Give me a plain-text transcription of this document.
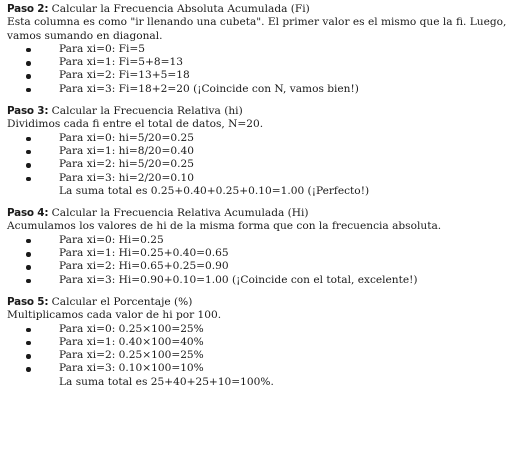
Paso 2: Calcular la Frecuencia Absoluta Acumulada (Fi)

Esta columna es como "ir llenando una cubeta". El primer valor es el mismo que la fi. Luego, vamos sumando en diagonal.

Para xi=0: Fi=5
Para xi=1: Fi=5+8=13
Para xi=2: Fi=13+5=18
Para xi=3: Fi=18+2=20 (¡Coincide con N, vamos bien!)

Paso 3: Calcular la Frecuencia Relativa (hi)

Dividimos cada fi entre el total de datos, N=20.

Para xi=0: hi=5/20=0.25
Para xi=1: hi=8/20=0.40
Para xi=2: hi=5/20=0.25
Para xi=3: hi=2/20=0.10

La suma total es 0.25+0.40+0.25+0.10=1.00 (¡Perfecto!)

Paso 4: Calcular la Frecuencia Relativa Acumulada (Hi)

Acumulamos los valores de hi de la misma forma que con la frecuencia absoluta.

Para xi=0: Hi=0.25
Para xi=1: Hi=0.25+0.40=0.65
Para xi=2: Hi=0.65+0.25=0.90
Para xi=3: Hi=0.90+0.10=1.00 (¡Coincide con el total, excelente!)

Paso 5: Calcular el Porcentaje (%)

Multiplicamos cada valor de hi por 100.

Para xi=0: 0.25×100=25%
Para xi=1: 0.40×100=40%
Para xi=2: 0.25×100=25%
Para xi=3: 0.10×100=10%

La suma total es 25+40+25+10=100%.
